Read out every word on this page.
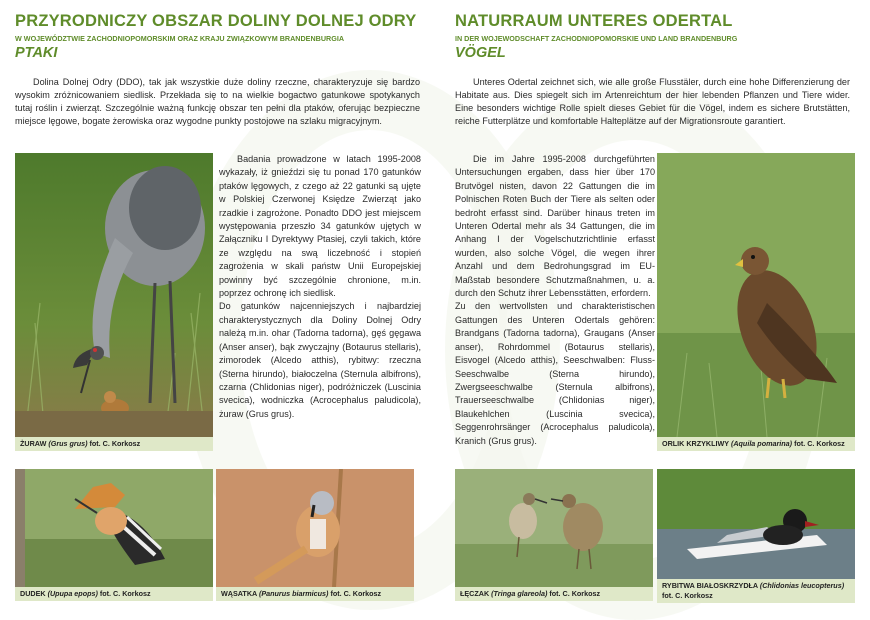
PRZYRODNICZY OBSZAR DOLINY DOLNEJ ODRY
W WOJEWÓDZTWIE ZACHODNIOPOMORSKIM ORAZ KRAJU ZWIĄZKOWYM BRANDENBURGIA
PTAKI
Dolina Dolnej Odry (DDO), tak jak wszystkie duże doliny rzeczne, charakteryzuje się bardzo wysokim zróżnicowaniem siedlisk. Przekłada się to na wielkie bogactwo gatunkowe spotykanych tutaj roślin i zwierząt. Szczególnie ważną funkcję obszar ten pełni dla ptaków, oferując bezpieczne miejsce lęgowe, bogate żerowiska oraz wygodne punkty postojowe na szlaku migracyjnym.
ŻURAW (Grus grus) fot. C. Korkosz

Badania prowadzone w latach 1995-2008 wykazały, iż gnieździ się tu ponad 170 gatunków ptaków lęgowych, z czego aż 22 gatunki są ujęte w Polskiej Czerwonej Księdze Zwierząt jako rzadkie i zagrożone. Ponadto DDO jest miejscem występowania przeszło 34 gatunków ujętych w Załączniku I Dyrektywy Ptasiej, czyli takich, które ze względu na swą liczebność i stopień zagrożenia w skali państw Unii Europejskiej powinny być szczególnie chronione, m.in. poprzez ochronę ich siedlisk.

Do gatunków najcenniejszych i najbardziej charakterystycznych dla Doliny Dolnej Odry należą m.in. ohar (Tadorna tadorna), gęś gęgawa (Anser anser), bąk zwyczajny (Botaurus stellaris), zimorodek (Alcedo atthis), rybitwy: rzeczna (Sterna hirundo), białoczelna (Sternula albifrons), czarna (Chlidonias niger), podróżniczek (Luscinia svecica), wodniczka (Acrocephalus paludicola), żuraw (Grus grus).

DUDEK (Upupa epops) fot. C. Korkosz	WĄSATKA (Panurus biarmicus) fot. C. Korkosz
NATURRAUM UNTERES ODERTAL
IN DER WOJEWODSCHAFT ZACHODNIOPOMORSKIE UND LAND BRANDENBURG
VÖGEL
Unteres Odertal zeichnet sich, wie alle große Flusstäler, durch eine hohe Differenzierung der Habitate aus. Dies spiegelt sich im Artenreichtum der hier lebenden Pflanzen und Tiere wider. Eine besonders wichtige Rolle spielt dieses Gebiet für die Vögel, indem es sichere Brutstätten, reiche Futterplätze und komfortable Halteplätze auf der Migrationsroute garantiert.

Die im Jahre 1995-2008 durchgeführten Untersuchungen ergaben, dass hier über 170 Brutvögel nisten, davon 22 Gattungen die im Polnischen Roten Buch der Tiere als selten oder bedroht erfasst sind. Darüber hinaus treten im Unteren Odertal mehr als 34 Gattungen, die im Anhang I der Vogelschutzrichtlinie erfasst wurden, also solche Vögel, die wegen ihrer Anzahl und dem Bedrohungsgrad im EU-Maßstab besondere Schutzmaßnahmen, u. a. durch den Schutz ihrer Lebensstätten, erfordern.

Zu den wertvollsten und charakteristischen Gattungen des Unteren Odertals gehören: Brandgans (Tadorna tadorna), Graugans (Anser anser), Rohrdommel (Botaurus stellaris), Eisvogel (Alcedo atthis), Seeschwalben: Fluss-Seeschwalbe (Sterna hirundo), Zwergseeschwalbe (Sternula albifrons), Trauerseeschwalbe (Chlidonias niger), Blaukehlchen (Luscinia svecica), Seggenrohrsänger (Acrocephalus paludicola), Kranich (Grus grus).	ORLIK KRZYKLIWY (Aquila pomarina) fot. C. Korkosz
ŁĘCZAK (Tringa glareola) fot. C. Korkosz
RYBITWA BIAŁOSKRZYDŁA (Chlidonias leucopterus) fot. C. Korkosz
